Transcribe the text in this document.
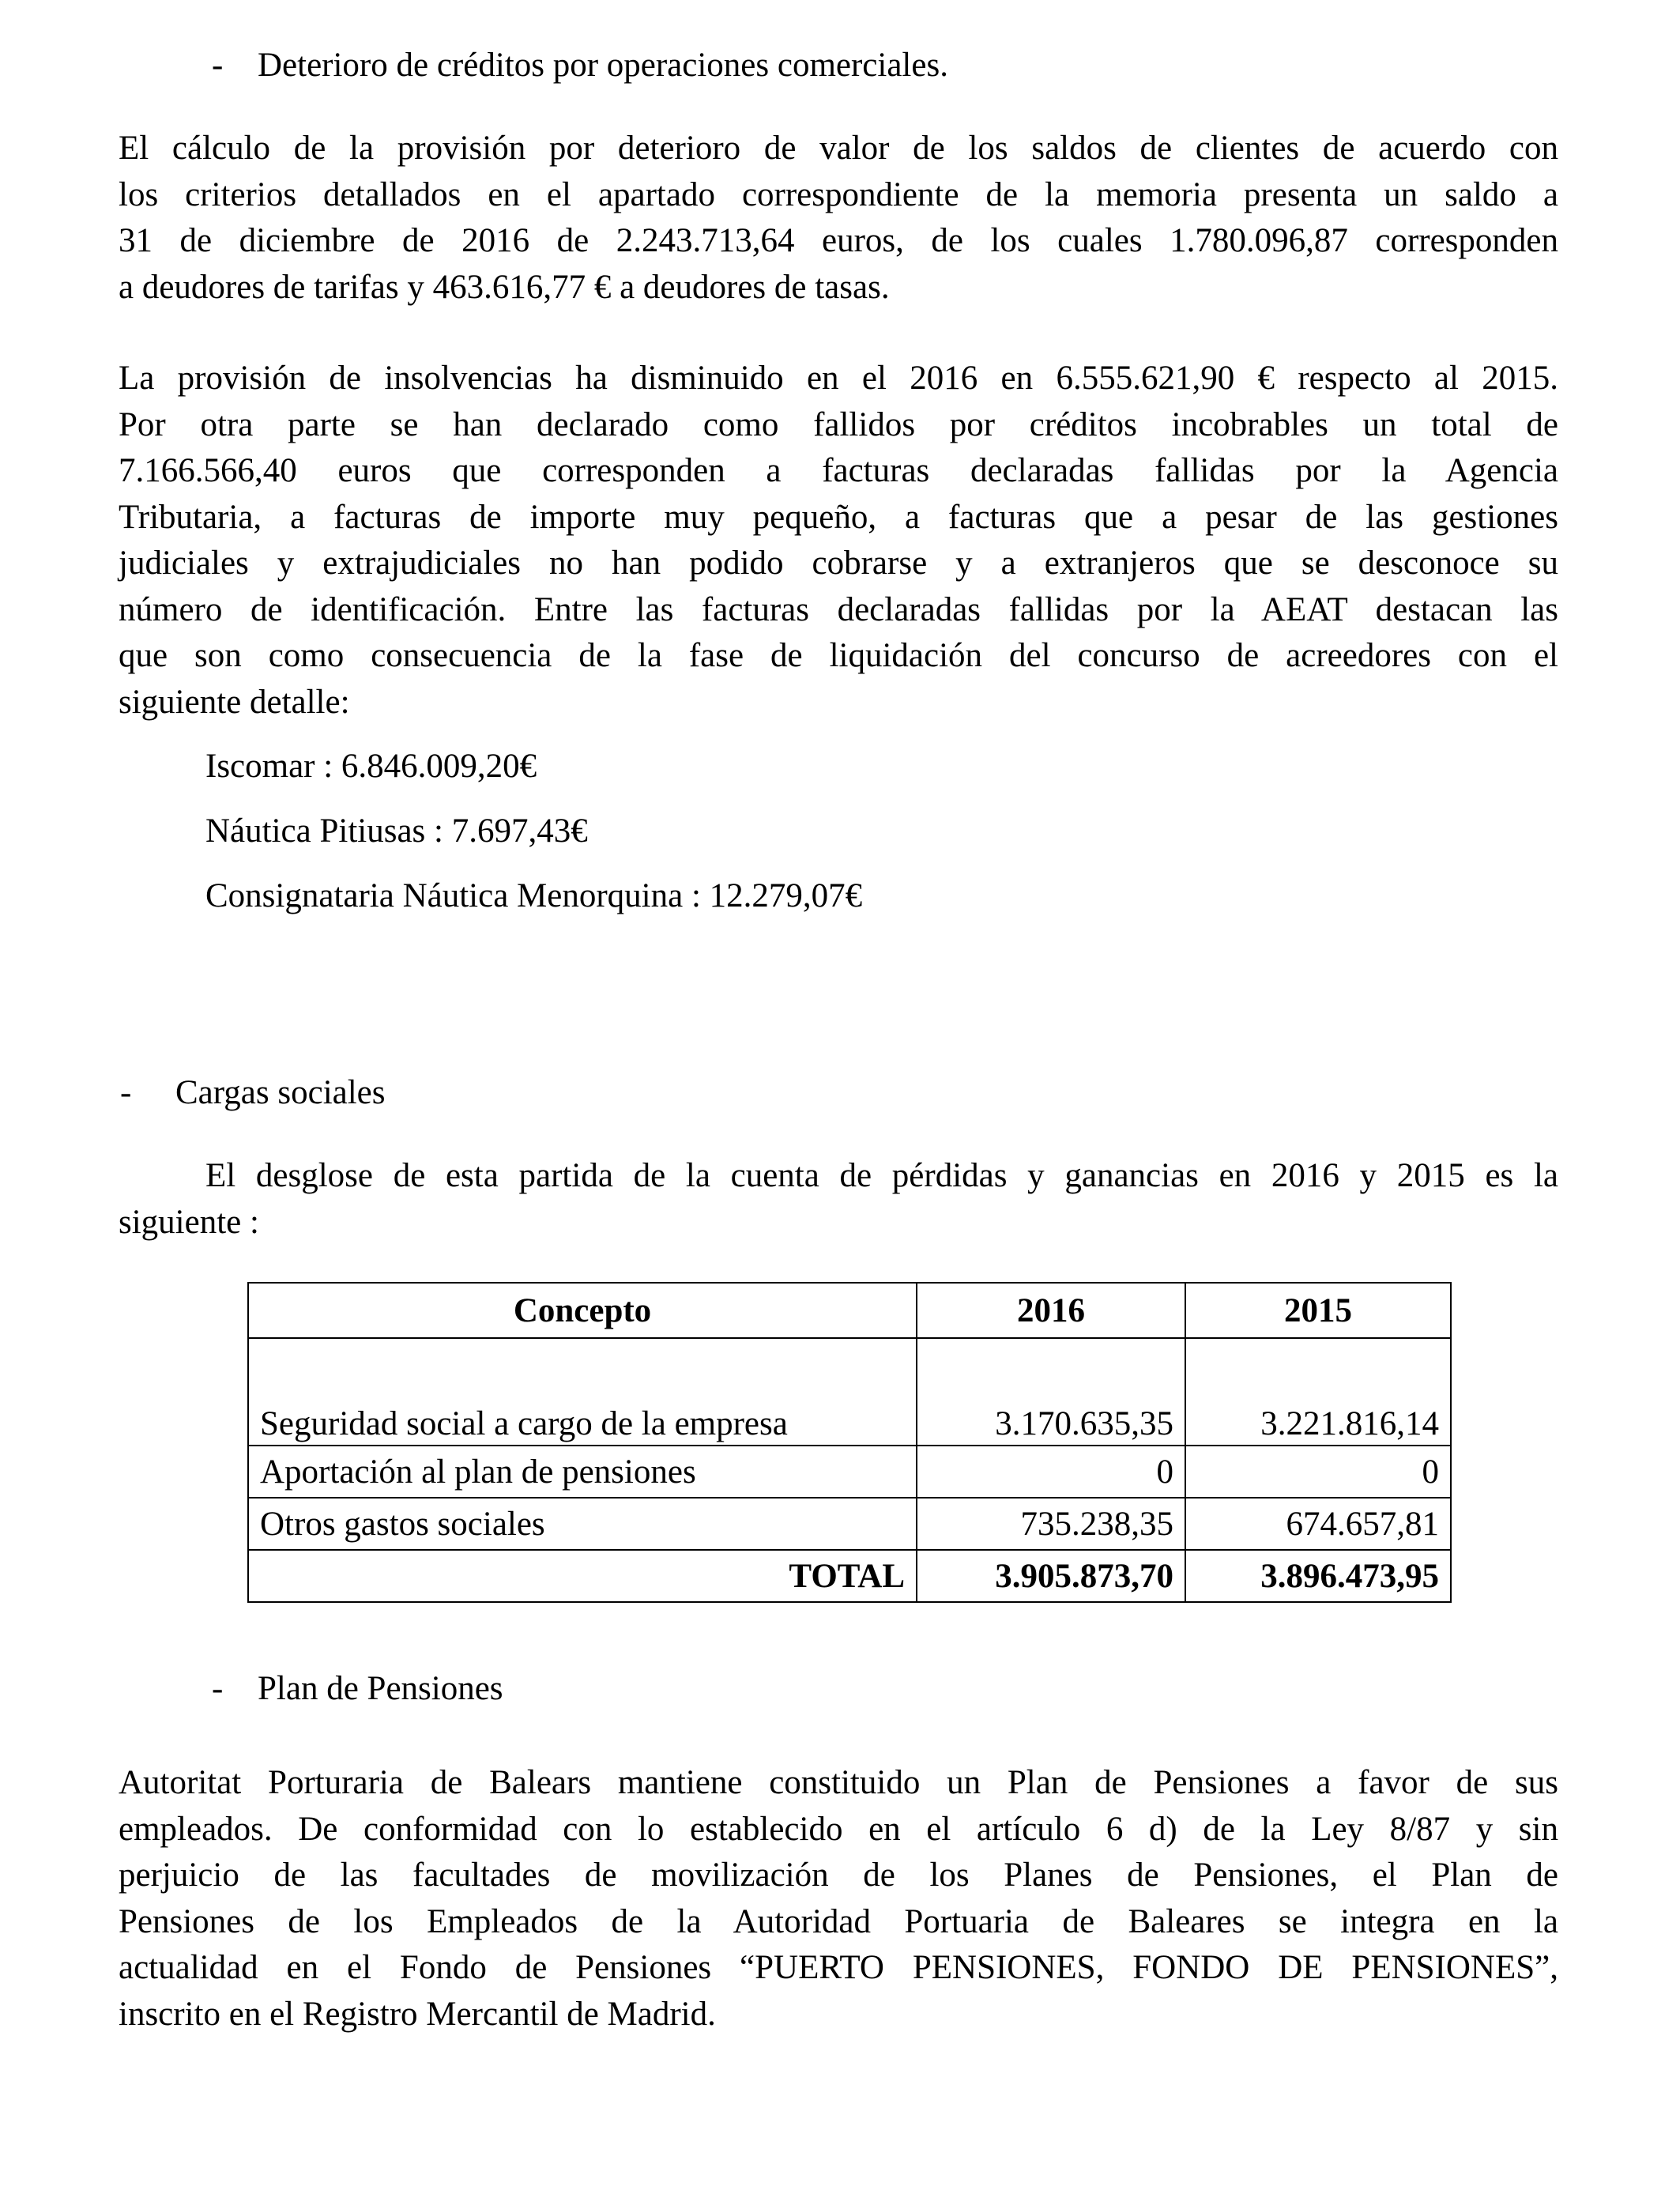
- Deterioro de créditos por operaciones comerciales.
El cálculo de la provisión por deterioro de valor de los saldos de clientes de acuerdo con
los criterios detallados en el apartado correspondiente de la memoria presenta un saldo a
31 de diciembre de 2016 de 2.243.713,64 euros, de los cuales 1.780.096,87 corresponden
a deudores de tarifas y 463.616,77 € a deudores de tasas.
La provisión de insolvencias ha disminuido en el 2016 en 6.555.621,90 € respecto al 2015.
Por otra parte se han declarado como fallidos por créditos incobrables un total de
7.166.566,40 euros que corresponden a facturas declaradas fallidas por la Agencia
Tributaria, a facturas de importe muy pequeño, a facturas que a pesar de las gestiones
judiciales y extrajudiciales no han podido cobrarse y a extranjeros que se desconoce su
número de identificación. Entre las facturas declaradas fallidas por la AEAT destacan las
que son como consecuencia de la fase de liquidación del concurso de acreedores con el
siguiente detalle:
Iscomar : 6.846.009,20€
Náutica Pitiusas : 7.697,43€
Consignataria Náutica Menorquina : 12.279,07€
- Cargas sociales
El desglose de esta partida de la cuenta de pérdidas y ganancias en 2016 y 2015 es la
siguiente :
Concepto	2016	2015
Seguridad social a cargo de la empresa	3.170.635,35	3.221.816,14
Aportación al plan de pensiones	0	0
Otros gastos sociales	735.238,35	674.657,81
TOTAL	3.905.873,70	3.896.473,95
- Plan de Pensiones
Autoritat Porturaria de Balears mantiene constituido un Plan de Pensiones a favor de sus
empleados. De conformidad con lo establecido en el artículo 6 d) de la Ley 8/87 y sin
perjuicio de las facultades de movilización de los Planes de Pensiones, el Plan de
Pensiones de los Empleados de la Autoridad Portuaria de Baleares se integra en la
actualidad en el Fondo de Pensiones “PUERTO PENSIONES, FONDO DE PENSIONES”,
inscrito en el Registro Mercantil de Madrid.
